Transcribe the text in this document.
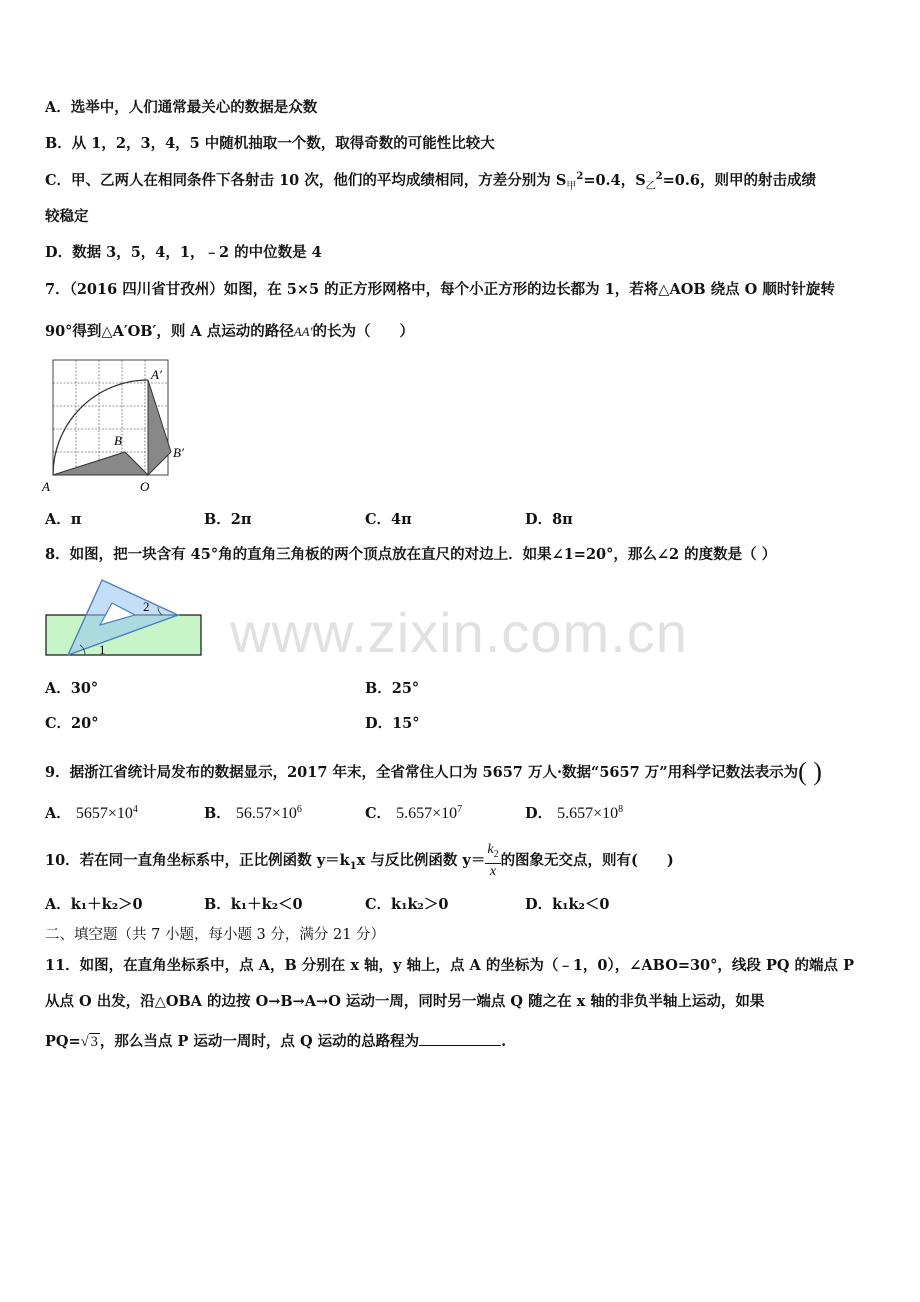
www.zixin.com.cn
A．选举中，人们通常最关心的数据是众数
B．从 1，2，3，4，5 中随机抽取一个数，取得奇数的可能性比较大
C．甲、乙两人在相同条件下各射击 10 次，他们的平均成绩相同，方差分别为 $S_甲^2=0.4$，$S_乙^2=0.6$，则甲的射击成绩
较稳定
D．数据 3，5，4，1，﹣2 的中位数是 4
7．（2016 四川省甘孜州）如图，在 5×5 的正方形网格中，每个小正方形的边长都为 1，若将△AOB 绕点 O 顺时针旋转
90°得到△A′OB′，则 A 点运动的路径AA′的长为（　　）
A	O
B
A′
B′
A．π	B．2π	C．4π	D．8π
8．如图，把一块含有 45°角的直角三角板的两个顶点放在直尺的对边上．如果∠1=20°，那么∠2 的度数是（ ）
1
2
A．30°	B．25°
C．20°	D．15°
9．据浙江省统计局发布的数据显示，2017 年末，全省常住人口为 5657 万人·数据“5657 万”用科学记数法表示为( )
A． $5657\times 10^4$	B． $56.57\times 10^6$	C． $5.657\times 10^7$	D． $5.657\times 10^8$
10．若在同一直角坐标系中，正比例函数 $y=k_1x$ 与反比例函数 $y= \frac{k_2}{x}$ 的图象无交点，则有(　　)
A．k₁＋k₂＞0	B．k₁＋k₂＜0	C．k₁k₂＞0	D．k₁k₂＜0
二、填空题（共 7 小题，每小题 3 分，满分 21 分）
11．如图，在直角坐标系中，点 A，B 分别在 x 轴，y 轴上，点 A 的坐标为（﹣1，0），∠ABO=30°，线段 PQ 的端点 P
从点 O 出发，沿△OBA 的边按 O→B→A→O 运动一周，同时另一端点 Q 随之在 x 轴的非负半轴上运动，如果
PQ=√ 3 ，那么当点 P 运动一周时，点 Q 运动的总路程为	.
